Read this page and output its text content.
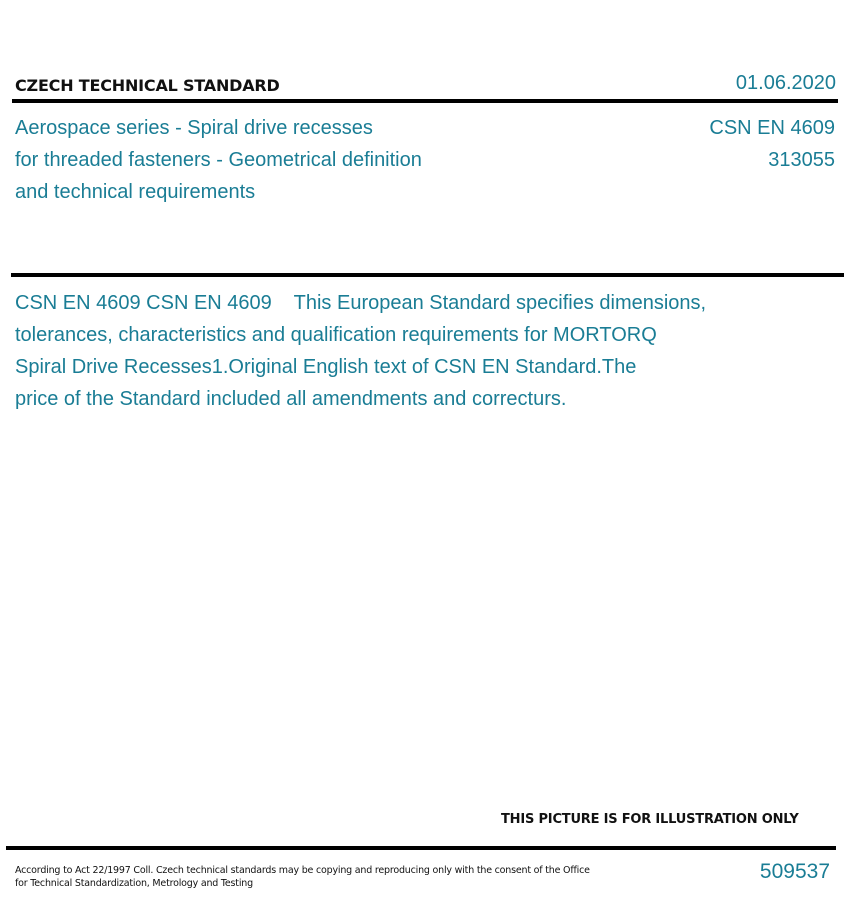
CZECH TECHNICAL STANDARD	01.06.2020
Aerospace series - Spiral drive recesses
for threaded fasteners - Geometrical definition
and technical requirements
CSN EN 4609
313055
CSN EN 4609 CSN EN 4609    This European Standard specifies dimensions,
tolerances, characteristics and qualification requirements for MORTORQ
Spiral Drive Recesses1.Original English text of CSN EN Standard.The
price of the Standard included all amendments and correcturs.
THIS PICTURE IS FOR ILLUSTRATION ONLY
According to Act 22/1997 Coll. Czech technical standards may be copying and reproducing only with the consent of the Office
for Technical Standardization, Metrology and Testing
509537
